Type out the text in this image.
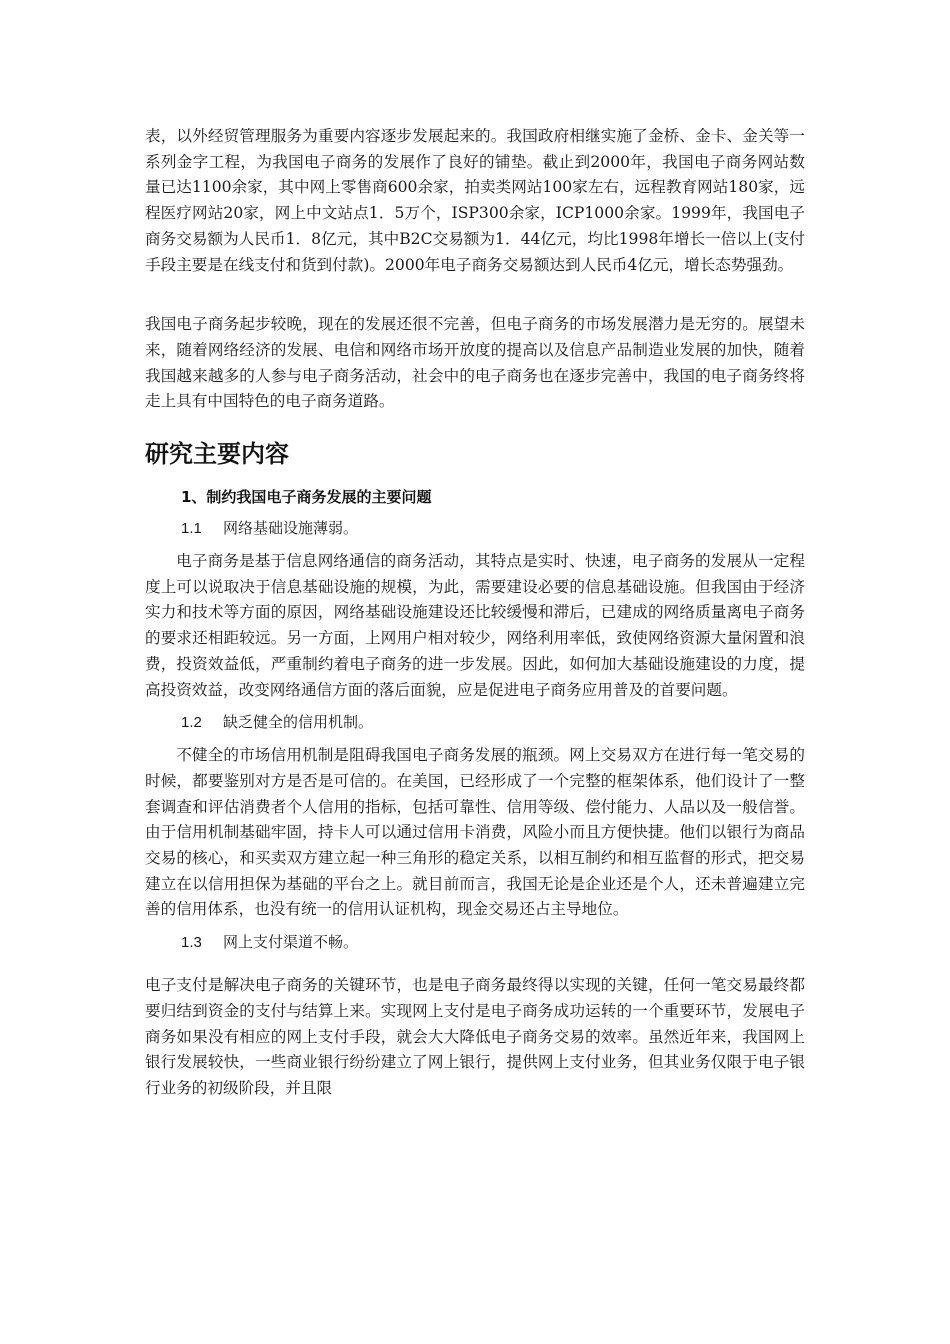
表，以外经贸管理服务为重要内容逐步发展起来的。我国政府相继实施了金桥、金卡、金关等一系列金字工程，为我国电子商务的发展作了良好的铺垫。截止到2000年，我国电子商务网站数量已达1100余家，其中网上零售商600余家，拍卖类网站100家左右，远程教育网站180家，远程医疗网站20家，网上中文站点1．5万个，ISP300余家，ICP1000余家。1999年，我国电子商务交易额为人民币1．8亿元，其中B2C交易额为1．44亿元，均比1998年增长一倍以上(支付手段主要是在线支付和货到付款)。2000年电子商务交易额达到人民币4亿元，增长态势强劲。

我国电子商务起步较晚，现在的发展还很不完善，但电子商务的市场发展潜力是无穷的。展望未来，随着网络经济的发展、电信和网络市场开放度的提高以及信息产品制造业发展的加快，随着我国越来越多的人参与电子商务活动，社会中的电子商务也在逐步完善中，我国的电子商务终将走上具有中国特色的电子商务道路。

研究主要内容
1、制约我国电子商务发展的主要问题
1.1 网络基础设施薄弱。

电子商务是基于信息网络通信的商务活动，其特点是实时、快速，电子商务的发展从一定程度上可以说取决于信息基础设施的规模，为此，需要建设必要的信息基础设施。但我国由于经济实力和技术等方面的原因，网络基础设施建设还比较缓慢和滞后，已建成的网络质量离电子商务的要求还相距较远。另一方面，上网用户相对较少，网络利用率低，致使网络资源大量闲置和浪费，投资效益低，严重制约着电子商务的进一步发展。因此，如何加大基础设施建设的力度，提高投资效益，改变网络通信方面的落后面貌，应是促进电子商务应用普及的首要问题。

1.2 缺乏健全的信用机制。

不健全的市场信用机制是阻碍我国电子商务发展的瓶颈。网上交易双方在进行每一笔交易的时候，都要鉴别对方是否是可信的。在美国，已经形成了一个完整的框架体系，他们设计了一整套调查和评估消费者个人信用的指标，包括可靠性、信用等级、偿付能力、人品以及一般信誉。由于信用机制基础牢固，持卡人可以通过信用卡消费，风险小而且方便快捷。他们以银行为商品交易的核心，和买卖双方建立起一种三角形的稳定关系，以相互制约和相互监督的形式，把交易建立在以信用担保为基础的平台之上。就目前而言，我国无论是企业还是个人，还未普遍建立完善的信用体系，也没有统一的信用认证机构，现金交易还占主导地位。

1.3 网上支付渠道不畅。

电子支付是解决电子商务的关键环节，也是电子商务最终得以实现的关键，任何一笔交易最终都要归结到资金的支付与结算上来。实现网上支付是电子商务成功运转的一个重要环节，发展电子商务如果没有相应的网上支付手段，就会大大降低电子商务交易的效率。虽然近年来，我国网上银行发展较快，一些商业银行纷纷建立了网上银行，提供网上支付业务，但其业务仅限于电子银行业务的初级阶段，并且限
